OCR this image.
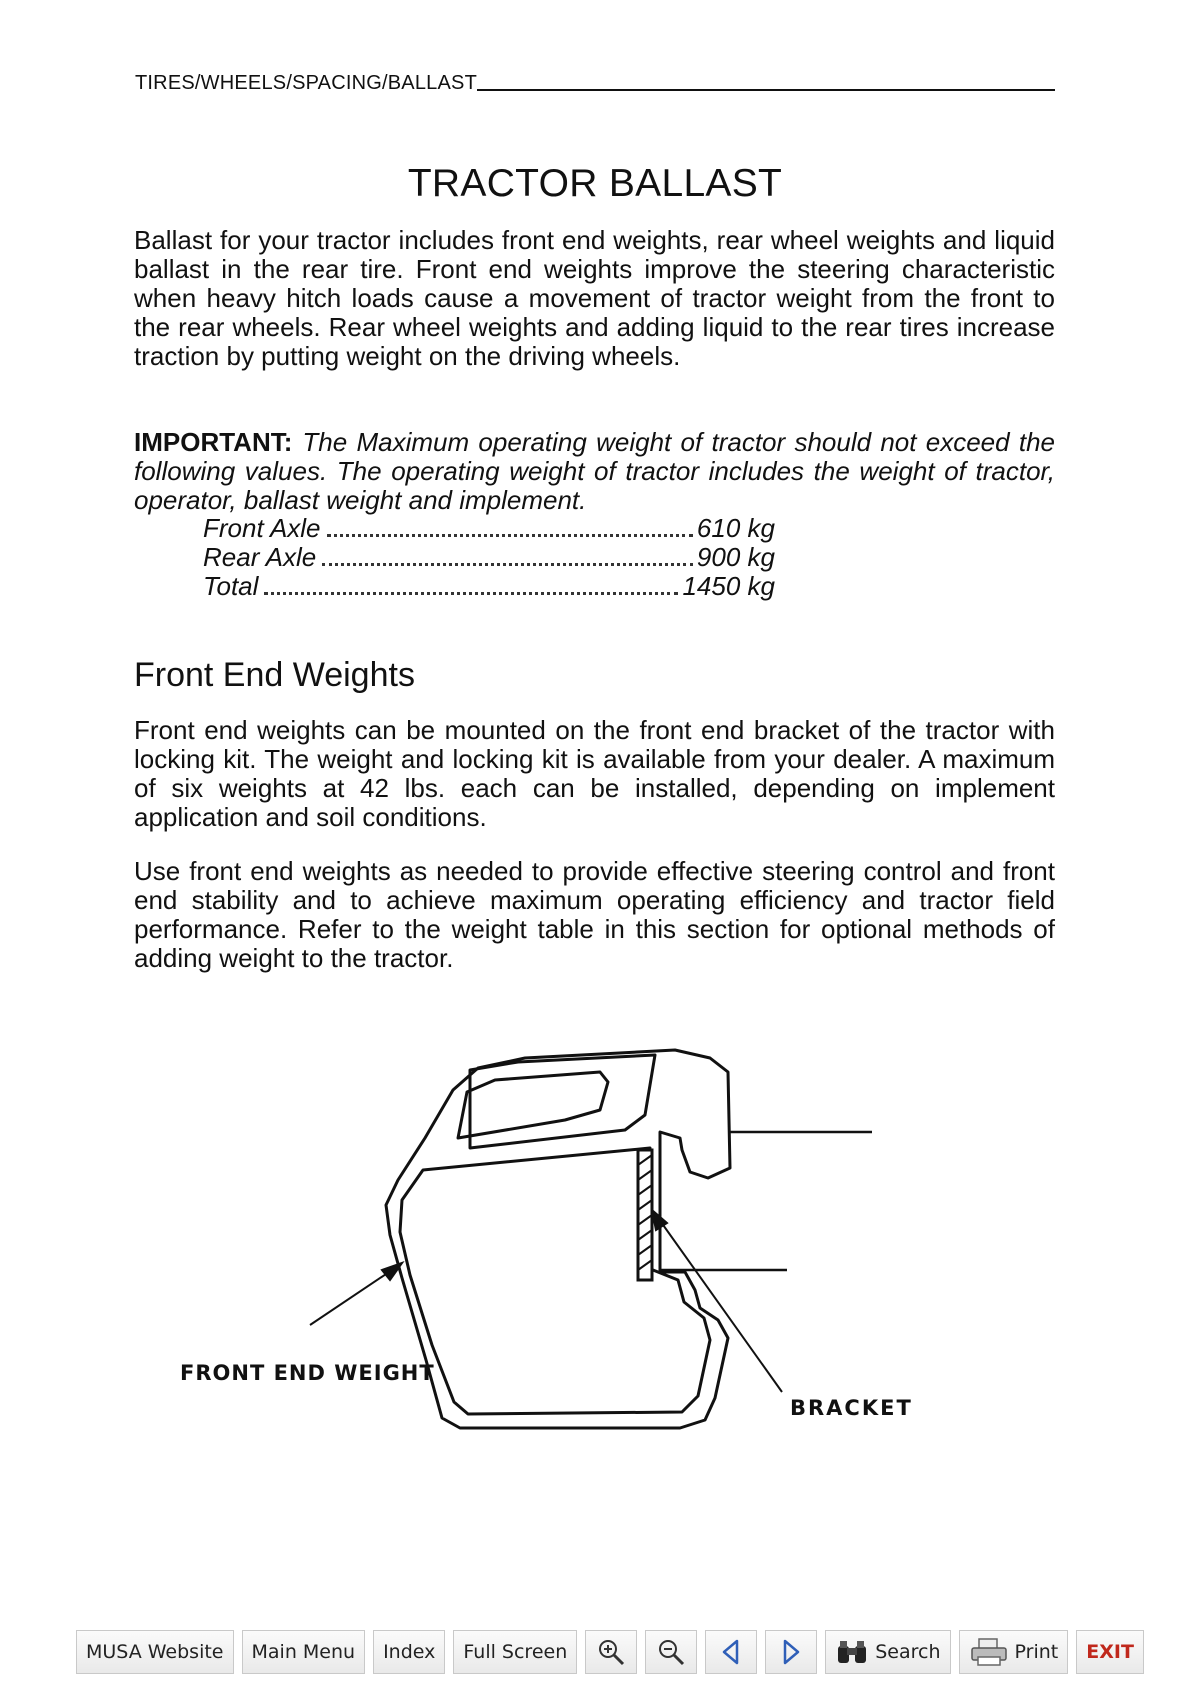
TIRES/WHEELS/SPACING/BALLAST
TRACTOR BALLAST

Ballast for your tractor includes front end weights, rear wheel weights and liquid ballast in the rear tire. Front end weights improve the steering characteristic when heavy hitch loads cause a movement of tractor weight from the front to the rear wheels. Rear wheel weights and adding liquid to the rear tires increase traction by putting weight on the driving wheels.

IMPORTANT: The Maximum operating weight of tractor should not exceed the following values. The operating weight of tractor includes the weight of tractor, operator, ballast weight and implement.

Front Axle	610 kg
Rear Axle	900 kg
Total	1450 kg
Front End Weights

Front end weights can be mounted on the front end bracket of the tractor with locking kit. The weight and locking kit is available from your dealer. A maximum of six weights at 42 lbs. each can be installed, depending on implement application and soil conditions.

Use front end weights as needed to provide effective steering control and front end stability and to achieve maximum operating efficiency and tractor field performance. Refer to the weight table in this section for optional methods of adding weight to the tractor.

FRONT END WEIGHT
BRACKET
MUSA Website Main Menu Index Full Screen	Search	Print EXIT
